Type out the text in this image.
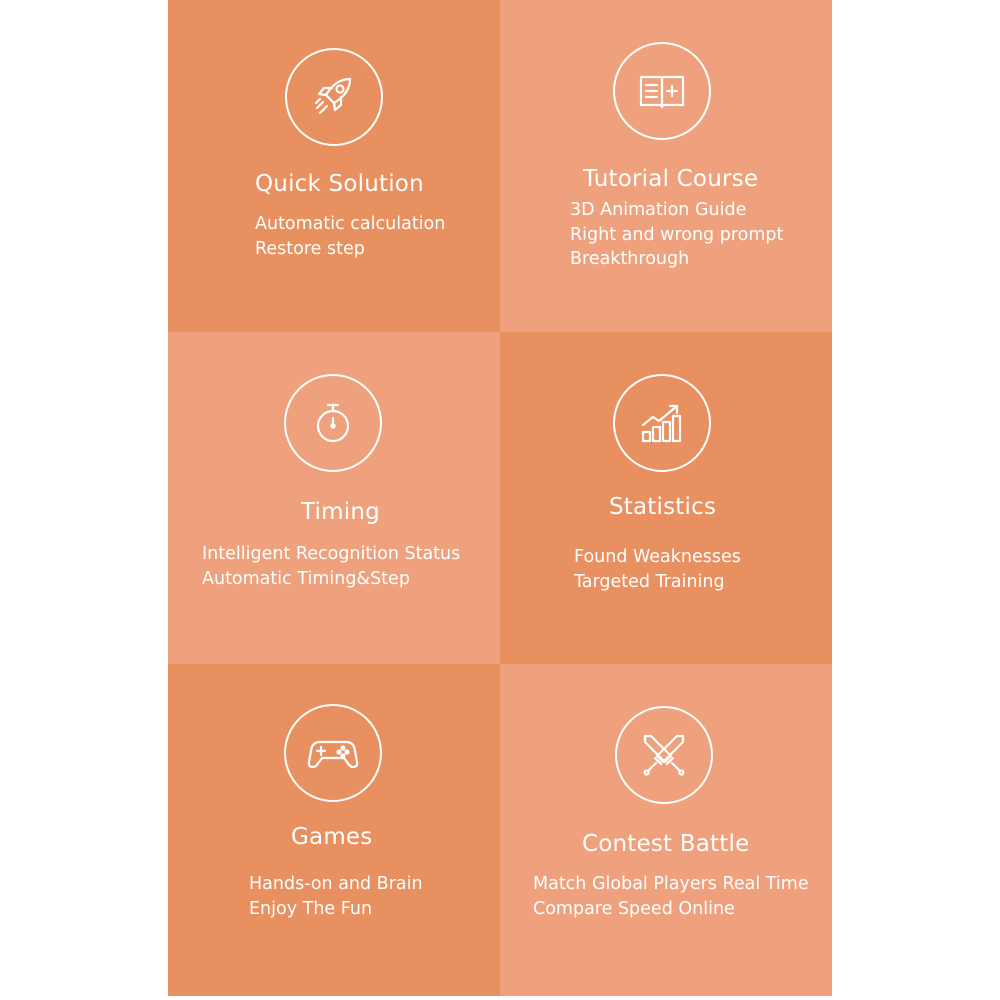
Quick Solution
Automatic calculation
Restore step
Tutorial Course
3D Animation Guide
Right and wrong prompt
Breakthrough
Timing
Intelligent Recognition Status
Automatic Timing&Step
Statistics
Found Weaknesses
Targeted Training
Games
Hands-on and Brain
Enjoy The Fun
Contest Battle
Match Global Players Real Time
Compare Speed Online
